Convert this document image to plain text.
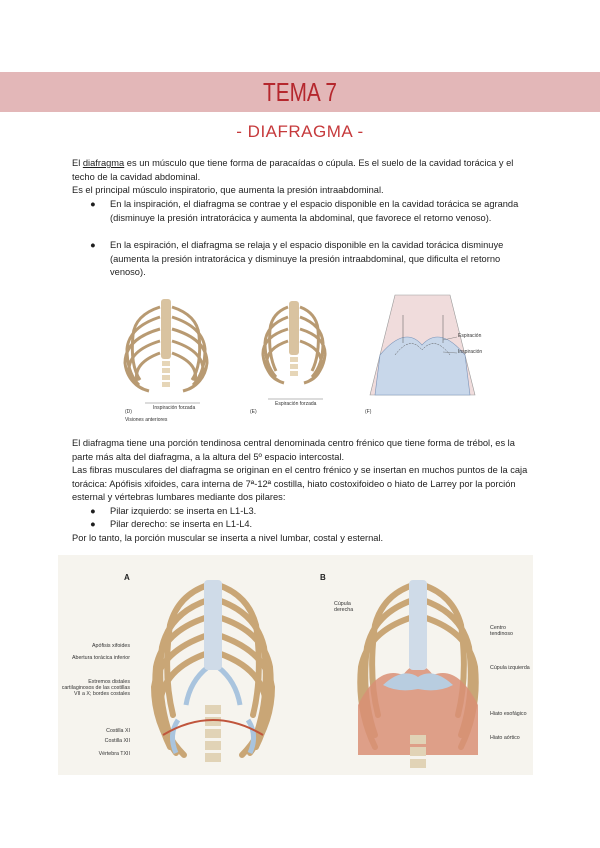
TEMA 7
- DIAFRAGMA -

El diafragma es un músculo que tiene forma de paracaídas o cúpula. Es el suelo de la cavidad torácica y el techo de la cavidad abdominal.

Es el principal músculo inspiratorio, que aumenta la presión intraabdominal.

●	En la inspiración, el diafragma se contrae y el espacio disponible en la cavidad torácica se agranda (disminuye la presión intratorácica y aumenta la abdominal, que favorece el retorno venoso).
●	En la espiración, el diafragma se relaja y el espacio disponible en la cavidad torácica disminuye (aumenta la presión intratorácica y disminuye la presión intraabdominal, que dificulta el retorno venoso).
(D)	(E)	(F)
Inspiración forzada
Espiración forzada
Visiones anteriores
Espiración
Inspiración

El diafragma tiene una porción tendinosa central denominada centro frénico que tiene forma de trébol, es la parte más alta del diafragma, a la altura del 5º espacio intercostal.

Las fibras musculares del diafragma se originan en el centro frénico y se insertan en muchos puntos de la caja torácica: Apófisis xifoides, cara interna de 7ª-12ª costilla, hiato costoxifoideo o hiato de Larrey por la porción esternal y vértebras lumbares mediante dos pilares:

●	Pilar izquierdo: se inserta en L1-L3.
●	Pilar derecho: se inserta en L1-L4.

Por lo tanto, la porción muscular se inserta a nivel lumbar, costal y esternal.

A	B
Apófisis xifoides
Abertura torácica inferior
Extremos distales cartilaginosos de las costillas VII a X; bordes costales
Costilla XI
Costilla XII
Vértebra TXII
Cúpula derecha
Centro tendinoso
Cúpula izquierda
Hiato esofágico
Hiato aórtico
